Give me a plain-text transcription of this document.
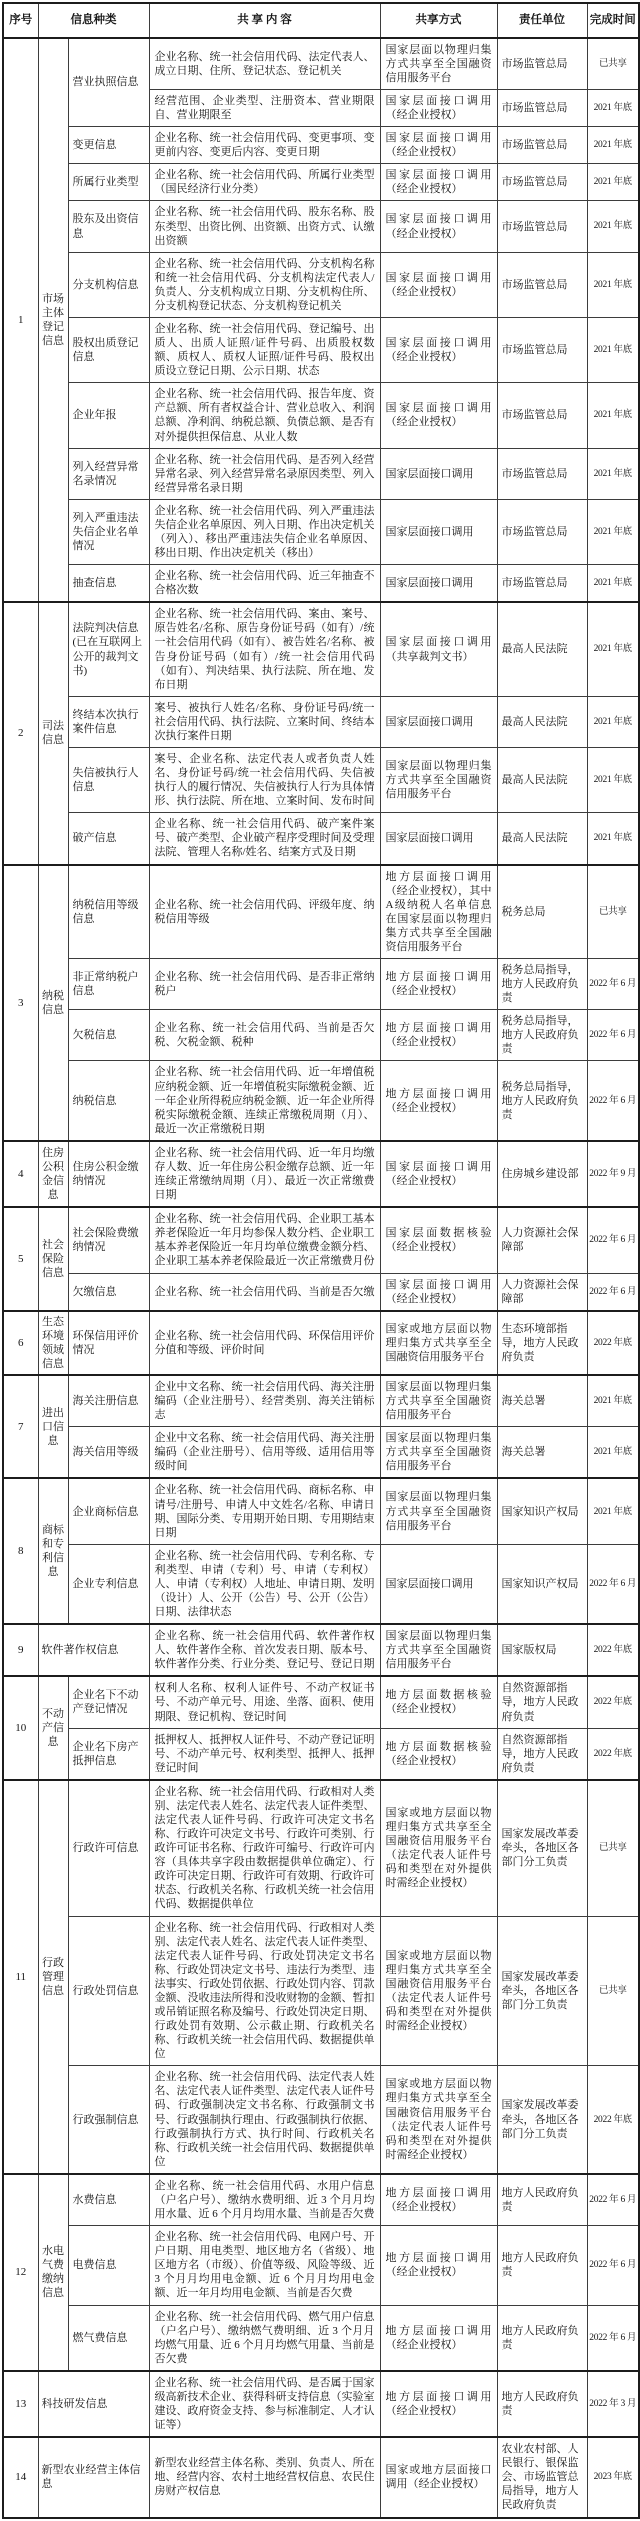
序号	信息种类		共 享 内 容	共享方式	责任单位	完成时间
1	市场主体登记信息	营业执照信息	企业名称、统一社会信用代码、法定代表人、成立日期、住所、登记状态、登记机关	国家层面以物理归集方式共享至全国融资信用服务平台	市场监管总局	已共享
			经营范围、企业类型、注册资本、营业期限自、营业期限至	国家层面接口调用（经企业授权）	市场监管总局	2021 年底
		变更信息	企业名称、统一社会信用代码、变更事项、变更前内容、变更后内容、变更日期	国家层面接口调用（经企业授权）	市场监管总局	2021 年底
		所属行业类型	企业名称、统一社会信用代码、所属行业类型（国民经济行业分类）	国家层面接口调用（经企业授权）	市场监管总局	2021 年底
		股东及出资信息	企业名称、统一社会信用代码、股东名称、股东类型、出资比例、出资额、出资方式、认缴出资额	国家层面接口调用（经企业授权）	市场监管总局	2021 年底
		分支机构信息	企业名称、统一社会信用代码、分支机构名称和统一社会信用代码、分支机构法定代表人/负责人、分支机构成立日期、分支机构住所、分支机构登记状态、分支机构登记机关	国家层面接口调用（经企业授权）	市场监管总局	2021 年底
		股权出质登记信息	企业名称、统一社会信用代码、登记编号、出质人、出质人证照/证件号码、出质股权数额、质权人、质权人证照/证件号码、股权出质设立登记日期、公示日期、状态	国家层面接口调用（经企业授权）	市场监管总局	2021 年底
		企业年报	企业名称、统一社会信用代码、报告年度、资产总额、所有者权益合计、营业总收入、利润总额、净利润、纳税总额、负债总额、是否有对外提供担保信息、从业人数	国家层面接口调用（经企业授权）	市场监管总局	2021 年底
		列入经营异常名录情况	企业名称、统一社会信用代码、是否列入经营异常名录、列入经营异常名录原因类型、列入经营异常名录日期	国家层面接口调用	市场监管总局	2021 年底
		列入严重违法失信企业名单情况	企业名称、统一社会信用代码、列入严重违法失信企业名单原因、列入日期、作出决定机关（列入）、移出严重违法失信企业名单原因、移出日期、作出决定机关（移出）	国家层面接口调用	市场监管总局	2021 年底
		抽查信息	企业名称、统一社会信用代码、近三年抽查不合格次数	国家层面接口调用	市场监管总局	2021 年底
2	司法信息	法院判决信息(已在互联网上公开的裁判文书)	企业名称、统一社会信用代码、案由、案号、原告姓名/名称、原告身份证号码（如有）/统一社会信用代码（如有）、被告姓名/名称、被告身份证号码（如有）/统一社会信用代码（如有）、判决结果、执行法院、所在地、发布日期	国家层面接口调用（共享裁判文书）	最高人民法院	2021 年底
		终结本次执行案件信息	案号、被执行人姓名/名称、身份证号码/统一社会信用代码、执行法院、立案时间、终结本次执行案件日期	国家层面接口调用	最高人民法院	2021 年底
		失信被执行人信息	案号、企业名称、法定代表人或者负责人姓名、身份证号码/统一社会信用代码、失信被执行人的履行情况、失信被执行人行为具体情形、执行法院、所在地、立案时间、发布时间	国家层面以物理归集方式共享至全国融资信用服务平台	最高人民法院	2021 年底
		破产信息	企业名称、统一社会信用代码、破产案件案号、破产类型、企业破产程序受理时间及受理法院、管理人名称/姓名、结案方式及日期	国家层面接口调用	最高人民法院	2021 年底
3	纳税信息	纳税信用等级信息	企业名称、统一社会信用代码、评级年度、纳税信用等级	地方层面接口调用（经企业授权），其中A级纳税人名单信息在国家层面以物理归集方式共享至全国融资信用服务平台	税务总局	已共享
		非正常纳税户信息	企业名称、统一社会信用代码、是否非正常纳税户	地方层面接口调用（经企业授权）	税务总局指导，地方人民政府负责	2022 年 6 月
		欠税信息	企业名称、统一社会信用代码、当前是否欠税、欠税金额、税种	地方层面接口调用（经企业授权）	税务总局指导，地方人民政府负责	2022 年 6 月
		纳税信息	企业名称、统一社会信用代码、近一年增值税应纳税金额、近一年增值税实际缴税金额、近一年企业所得税应纳税金额、近一年企业所得税实际缴税金额、连续正常缴税周期（月）、最近一次正常缴税日期	地方层面接口调用（经企业授权）	税务总局指导，地方人民政府负责	2022 年 6 月
4	住房公积金信息	住房公积金缴纳情况	企业名称、统一社会信用代码、近一年月均缴存人数、近一年住房公积金缴存总额、近一年连续正常缴纳周期（月）、最近一次正常缴费日期	国家层面接口调用（经企业授权）	住房城乡建设部	2022 年 9 月
5	社会保险信息	社会保险费缴纳情况	企业名称、统一社会信用代码、企业职工基本养老保险近一年月均参保人数分档、企业职工基本养老保险近一年月均单位缴费金额分档、企业职工基本养老保险最近一次正常缴费月份	国家层面数据核验（经企业授权）	人力资源社会保障部	2022 年 6 月
		欠缴信息	企业名称、统一社会信用代码、当前是否欠缴	国家层面接口调用（经企业授权）	人力资源社会保障部	2022 年 6 月
6	生态环境领域信息	环保信用评价情况	企业名称、统一社会信用代码、环保信用评价分值和等级、评价时间	国家或地方层面以物理归集方式共享至全国融资信用服务平台	生态环境部指导，地方人民政府负责	2022 年底
7	进出口信息	海关注册信息	企业中文名称、统一社会信用代码、海关注册编码（企业注册号）、经营类别、海关注销标志	国家层面以物理归集方式共享至全国融资信用服务平台	海关总署	2021 年底
		海关信用等级	企业中文名称、统一社会信用代码、海关注册编码（企业注册号）、信用等级、适用信用等级时间	国家层面以物理归集方式共享至全国融资信用服务平台	海关总署	2021 年底
8	商标和专利信息	企业商标信息	企业名称、统一社会信用代码、商标名称、申请号/注册号、申请人中文姓名/名称、申请日期、国际分类、专用期开始日期、专用期结束日期	国家层面以物理归集方式共享至全国融资信用服务平台	国家知识产权局	2021 年底
		企业专利信息	企业名称、统一社会信用代码、专利名称、专利类型、申请（专利）号、申请（专利权）人、申请（专利权）人地址、申请日期、发明（设计）人、公开（公告）号、公开（公告）日期、法律状态	国家层面接口调用	国家知识产权局	2022 年 6 月
9	软件著作权信息		企业名称、统一社会信用代码、软件著作权人、软件著作全称、首次发表日期、版本号、软件著作分类、行业分类、登记号、登记日期	国家层面以物理归集方式共享至全国融资信用服务平台	国家版权局	2022 年底
10	不动产信息	企业名下不动产登记情况	权利人名称、权利人证件号、不动产权证书号、不动产单元号、用途、坐落、面积、使用期限、登记机构、登记时间	地方层面数据核验（经企业授权）	自然资源部指导，地方人民政府负责	2022 年底
		企业名下房产抵押信息	抵押权人、抵押权人证件号、不动产登记证明号、不动产单元号、权利类型、抵押人、抵押登记时间	地方层面数据核验（经企业授权）	自然资源部指导，地方人民政府负责	2022 年底
11	行政管理信息	行政许可信息	企业名称、统一社会信用代码、行政相对人类别、法定代表人姓名、法定代表人证件类型、法定代表人证件号码、行政许可决定文书名称、行政许可决定文书号、行政许可类别、行政许可证书名称、行政许可编号、行政许可内容（具体共享字段由数据提供单位确定）、行政许可决定日期、行政许可有效期、行政许可状态、行政机关名称、行政机关统一社会信用代码、数据提供单位	国家或地方层面以物理归集方式共享至全国融资信用服务平台（法定代表人证件号码和类型在对外提供时需经企业授权）	国家发展改革委牵头，各地区各部门分工负责	已共享
		行政处罚信息	企业名称、统一社会信用代码、行政相对人类别、法定代表人姓名、法定代表人证件类型、法定代表人证件号码、行政处罚决定文书名称、行政处罚决定文书号、违法行为类型、违法事实、行政处罚依据、行政处罚内容、罚款金额、没收违法所得和没收财物的金额、暂扣或吊销证照名称及编号、行政处罚决定日期、行政处罚有效期、公示截止期、行政机关名称、行政机关统一社会信用代码、数据提供单位	国家或地方层面以物理归集方式共享至全国融资信用服务平台（法定代表人证件号码和类型在对外提供时需经企业授权）	国家发展改革委牵头，各地区各部门分工负责	已共享
		行政强制信息	企业名称、统一社会信用代码、法定代表人姓名、法定代表人证件类型、法定代表人证件号码、行政强制决定文书名称、行政强制文书号、行政强制执行理由、行政强制执行依据、行政强制执行方式、执行时间、行政机关名称、行政机关统一社会信用代码、数据提供单位	国家或地方层面以物理归集方式共享至全国融资信用服务平台（法定代表人证件号码和类型在对外提供时需经企业授权）	国家发展改革委牵头，各地区各部门分工负责	2022 年底
12	水电气费缴纳信息	水费信息	企业名称、统一社会信用代码、水用户信息（户名户号）、缴纳水费明细、近 3 个月月均用水量、近 6 个月月均用水量、当前是否欠费	地方层面接口调用（经企业授权）	地方人民政府负责	2022 年 6 月
		电费信息	企业名称、统一社会信用代码、电网户号、开户日期、用电类型、地区地方名（省级）、地区地方名（市级）、价值等级、风险等级、近 3 个月月均用电金额、近 6 个月月均用电金额、近一年月均用电金额、当前是否欠费	地方层面接口调用（经企业授权）	地方人民政府负责	2022 年 6 月
		燃气费信息	企业名称、统一社会信用代码、燃气用户信息（户名户号）、缴纳燃气费明细、近 3 个月月均燃气用量、近 6 个月月均燃气用量、当前是否欠费	地方层面接口调用（经企业授权）	地方人民政府负责	2022 年 6 月
13	科技研发信息		企业名称、统一社会信用代码、是否属于国家级高新技术企业、获得科研支持信息（实验室建设、政府资金支持、参与标准制定、人才认证等）	地方层面接口调用（经企业授权）	地方人民政府负责	2022 年 3 月
14	新型农业经营主体信息		新型农业经营主体名称、类别、负责人、所在地、经营内容、农村土地经营权信息、农民住房财产权信息	国家或地方层面接口调用（经企业授权）	农业农村部、人民银行、银保监会、市场监管总局指导，地方人民政府负责	2023 年底
